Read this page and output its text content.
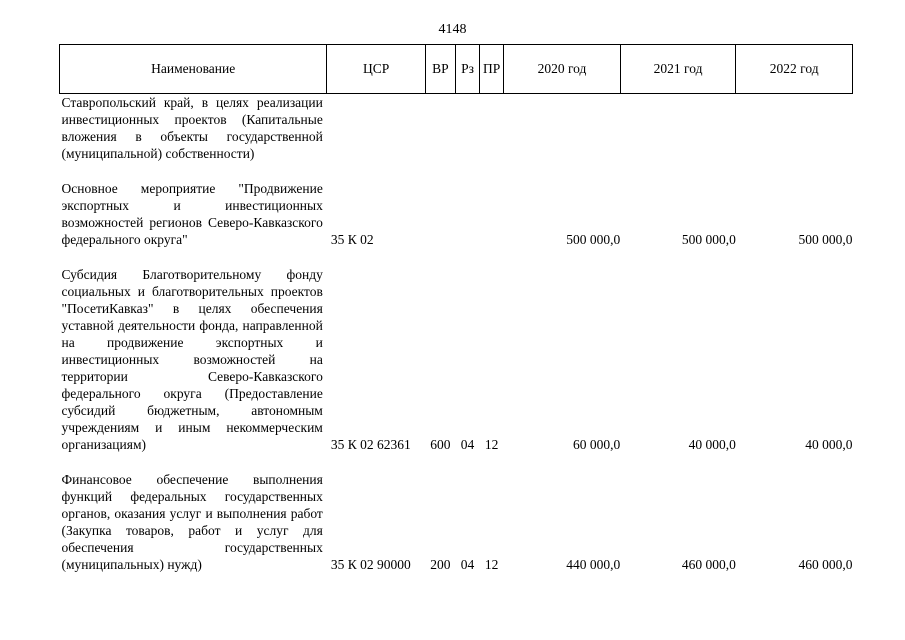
4148
Наименование	ЦСР	ВР	Рз	ПР	2020 год	2021 год	2022 год

Ставропольский край, в целях реализации инвестиционных проектов (Капитальные вложения в объекты государственной (муниципальной) собственности)							

Основное мероприятие "Продвижение экспортных и инвестиционных возможностей регионов Северо-Кавказского федерального округа"	35 К 02				500 000,0	500 000,0	500 000,0

Субсидия Благотворительному фонду социальных и благотворительных проектов "ПосетиКавказ" в целях обеспечения уставной деятельности фонда, направленной на продвижение экспортных и инвестиционных возможностей на территории Северо-Кавказского федерального округа (Предоставление субсидий бюджетным, автономным учреждениям и иным некоммерческим организациям)	35 К 02 62361	600	04	12	60 000,0	40 000,0	40 000,0

Финансовое обеспечение выполнения функций федеральных государственных органов, оказания услуг и выполнения работ (Закупка товаров, работ и услуг для обеспечения государственных (муниципальных) нужд)	35 К 02 90000	200	04	12	440 000,0	460 000,0	460 000,0
